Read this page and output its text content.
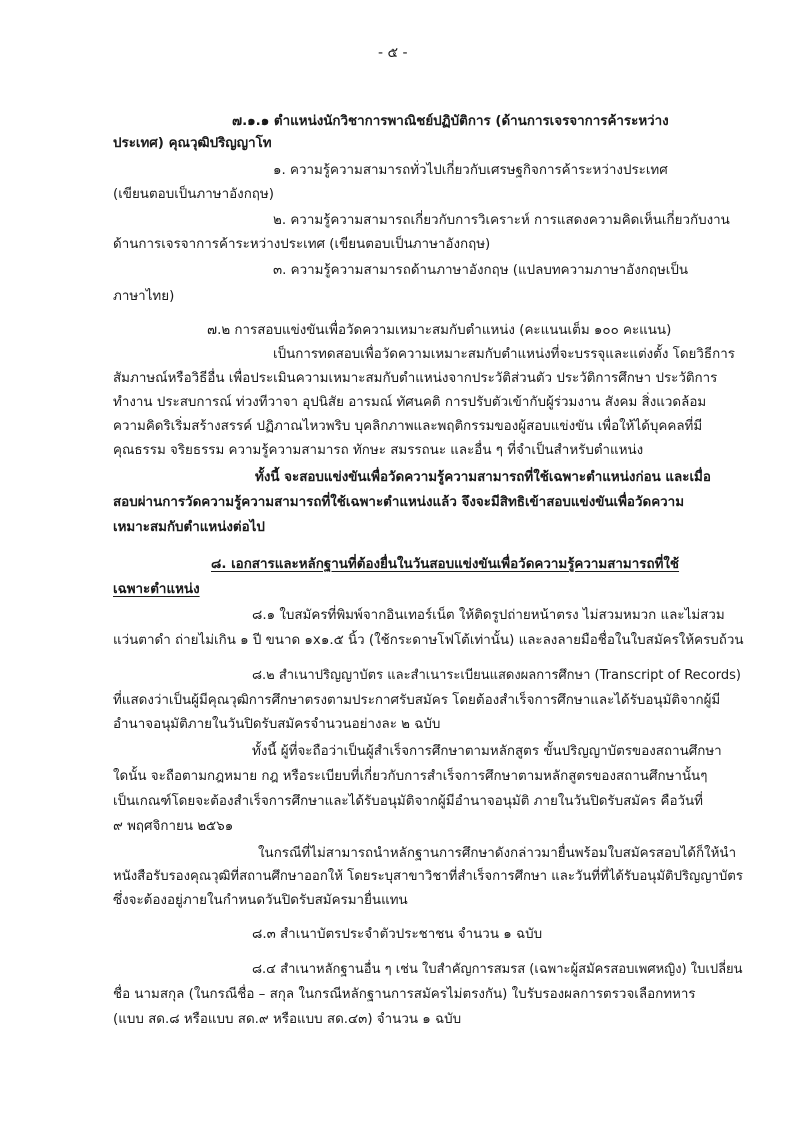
- ๕ -

๗.๑.๑ ตำแหน่งนักวิชาการพาณิชย์ปฏิบัติการ (ด้านการเจรจาการค้าระหว่าง

ประเทศ) คุณวุฒิปริญญาโท

๑. ความรู้ความสามารถทั่วไปเกี่ยวกับเศรษฐกิจการค้าระหว่างประเทศ

(เขียนตอบเป็นภาษาอังกฤษ)

๒. ความรู้ความสามารถเกี่ยวกับการวิเคราะห์ การแสดงความคิดเห็นเกี่ยวกับงาน

ด้านการเจรจาการค้าระหว่างประเทศ (เขียนตอบเป็นภาษาอังกฤษ)

๓. ความรู้ความสามารถด้านภาษาอังกฤษ (แปลบทความภาษาอังกฤษเป็น

ภาษาไทย)

๗.๒ การสอบแข่งขันเพื่อวัดความเหมาะสมกับตำแหน่ง (คะแนนเต็ม ๑๐๐ คะแนน)

เป็นการทดสอบเพื่อวัดความเหมาะสมกับตำแหน่งที่จะบรรจุและแต่งตั้ง โดยวิธีการ

สัมภาษณ์หรือวิธีอื่น เพื่อประเมินความเหมาะสมกับตำแหน่งจากประวัติส่วนตัว ประวัติการศึกษา ประวัติการ

ทำงาน ประสบการณ์ ท่วงทีวาจา อุปนิสัย อารมณ์ ทัศนคติ การปรับตัวเข้ากับผู้ร่วมงาน สังคม สิ่งแวดล้อม

ความคิดริเริ่มสร้างสรรค์ ปฏิภาณไหวพริบ บุคลิกภาพและพฤติกรรมของผู้สอบแข่งขัน เพื่อให้ได้บุคคลที่มี

คุณธรรม จริยธรรม ความรู้ความสามารถ ทักษะ สมรรถนะ และอื่น ๆ ที่จำเป็นสำหรับตำแหน่ง

ทั้งนี้ จะสอบแข่งขันเพื่อวัดความรู้ความสามารถที่ใช้เฉพาะตำแหน่งก่อน และเมื่อ

สอบผ่านการวัดความรู้ความสามารถที่ใช้เฉพาะตำแหน่งแล้ว จึงจะมีสิทธิเข้าสอบแข่งขันเพื่อวัดความ

เหมาะสมกับตำแหน่งต่อไป

๘. เอกสารและหลักฐานที่ต้องยื่นในวันสอบแข่งขันเพื่อวัดความรู้ความสามารถที่ใช้

เฉพาะตำแหน่ง

๘.๑ ใบสมัครที่พิมพ์จากอินเทอร์เน็ต ให้ติดรูปถ่ายหน้าตรง ไม่สวมหมวก และไม่สวม

แว่นตาดำ ถ่ายไม่เกิน ๑ ปี ขนาด ๑x๑.๕ นิ้ว (ใช้กระดาษโฟโต้เท่านั้น) และลงลายมือชื่อในใบสมัครให้ครบถ้วน

๘.๒ สำเนาปริญญาบัตร และสำเนาระเบียนแสดงผลการศึกษา (Transcript of Records)

ที่แสดงว่าเป็นผู้มีคุณวุฒิการศึกษาตรงตามประกาศรับสมัคร โดยต้องสำเร็จการศึกษาและได้รับอนุมัติจากผู้มี

อำนาจอนุมัติภายในวันปิดรับสมัครจำนวนอย่างละ ๒ ฉบับ

ทั้งนี้ ผู้ที่จะถือว่าเป็นผู้สำเร็จการศึกษาตามหลักสูตร ขั้นปริญญาบัตรของสถานศึกษา

ใดนั้น จะถือตามกฎหมาย กฎ หรือระเบียบที่เกี่ยวกับการสำเร็จการศึกษาตามหลักสูตรของสถานศึกษานั้นๆ

เป็นเกณฑ์โดยจะต้องสำเร็จการศึกษาและได้รับอนุมัติจากผู้มีอำนาจอนุมัติ ภายในวันปิดรับสมัคร คือวันที่

๙ พฤศจิกายน ๒๕๖๑

ในกรณีที่ไม่สามารถนำหลักฐานการศึกษาดังกล่าวมายื่นพร้อมใบสมัครสอบได้ก็ให้นำ

หนังสือรับรองคุณวุฒิที่สถานศึกษาออกให้ โดยระบุสาขาวิชาที่สำเร็จการศึกษา และวันที่ที่ได้รับอนุมัติปริญญาบัตร

ซึ่งจะต้องอยู่ภายในกำหนดวันปิดรับสมัครมายื่นแทน

๘.๓ สำเนาบัตรประจำตัวประชาชน จำนวน ๑ ฉบับ

๘.๔ สำเนาหลักฐานอื่น ๆ เช่น ใบสำคัญการสมรส (เฉพาะผู้สมัครสอบเพศหญิง) ใบเปลี่ยน

ชื่อ นามสกุล (ในกรณีชื่อ – สกุล ในกรณีหลักฐานการสมัครไม่ตรงกัน) ใบรับรองผลการตรวจเลือกทหาร

(แบบ สด.๘ หรือแบบ สด.๙ หรือแบบ สด.๔๓) จำนวน ๑ ฉบับ
